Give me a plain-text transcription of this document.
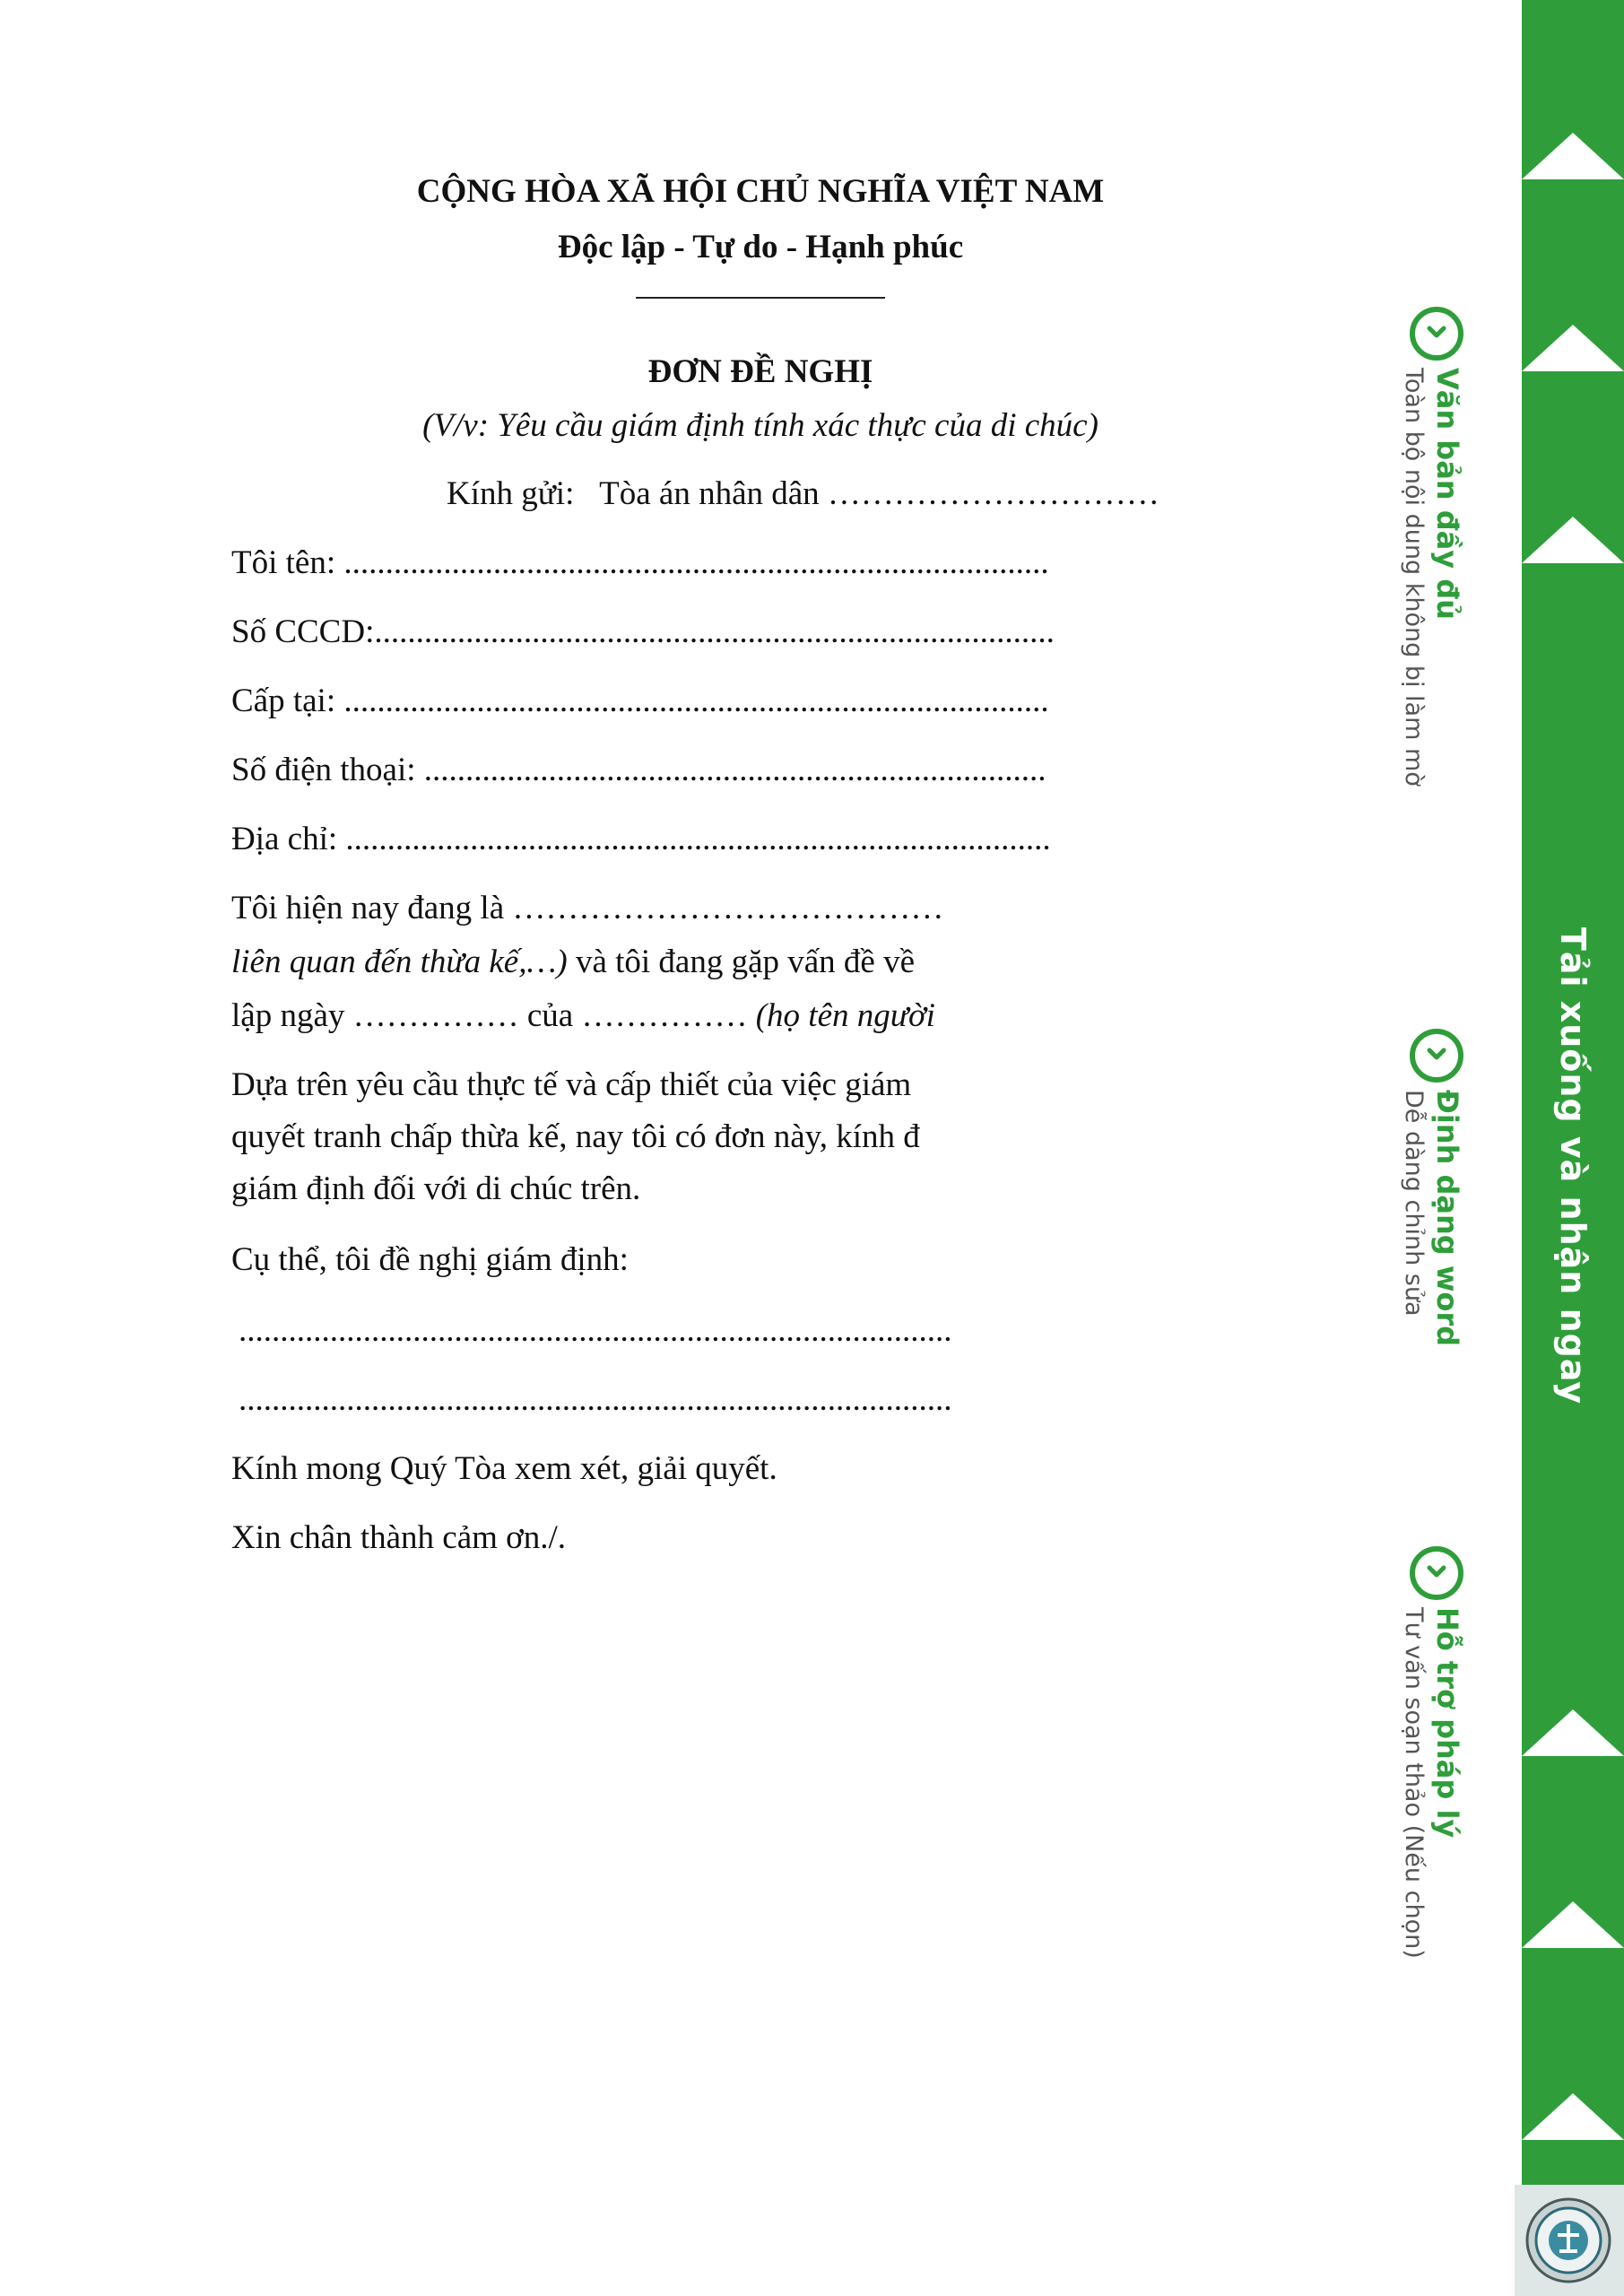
CỘNG HÒA XÃ HỘI CHỦ NGHĨA VIỆT NAM
Độc lập - Tự do - Hạnh phúc
ĐƠN ĐỀ NGHỊ
(V/v: Yêu cầu giám định tính xác thực của di chúc)
Kính gửi: Tòa án nhân dân …………………………
Tôi tên: .....................................................................................
Số CCCD:..................................................................................
Cấp tại: .....................................................................................
Số điện thoại: ...........................................................................
Địa chỉ: .....................................................................................
Tôi hiện nay đang là …………………………………
liên quan đến thừa kế,…) và tôi đang gặp vấn đề về
lập ngày …………… của …………… (họ tên người
Dựa trên yêu cầu thực tế và cấp thiết của việc giám
quyết tranh chấp thừa kế, nay tôi có đơn này, kính đ
giám định đối với di chúc trên.
Cụ thể, tôi đề nghị giám định:
......................................................................................
......................................................................................
Kính mong Quý Tòa xem xét, giải quyết.
Xin chân thành cảm ơn./.
Văn bản đầy đủ
Toàn bộ nội dung không bị làm mờ
Định dạng word
Dễ dàng chỉnh sửa
Hỗ trợ pháp lý
Tư vấn soạn thảo (Nếu chọn)
Tải xuống và nhận ngay
